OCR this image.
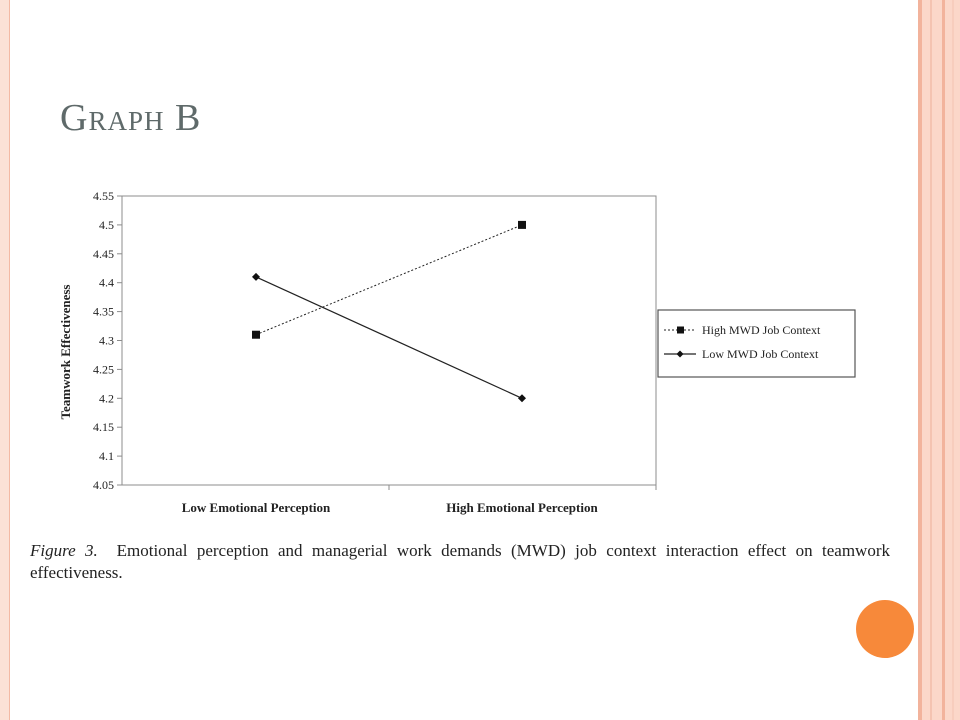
Graph B
4.05
4.1
4.15
4.2
4.25
4.3
4.35
4.4
4.45
4.5
4.55
Low Emotional Perception	High Emotional Perception
Teamwork Effectiveness	High MWD Job Context
Low MWD Job Context

Figure 3. Emotional perception and managerial work demands (MWD) job context interaction effect on teamwork effectiveness.
